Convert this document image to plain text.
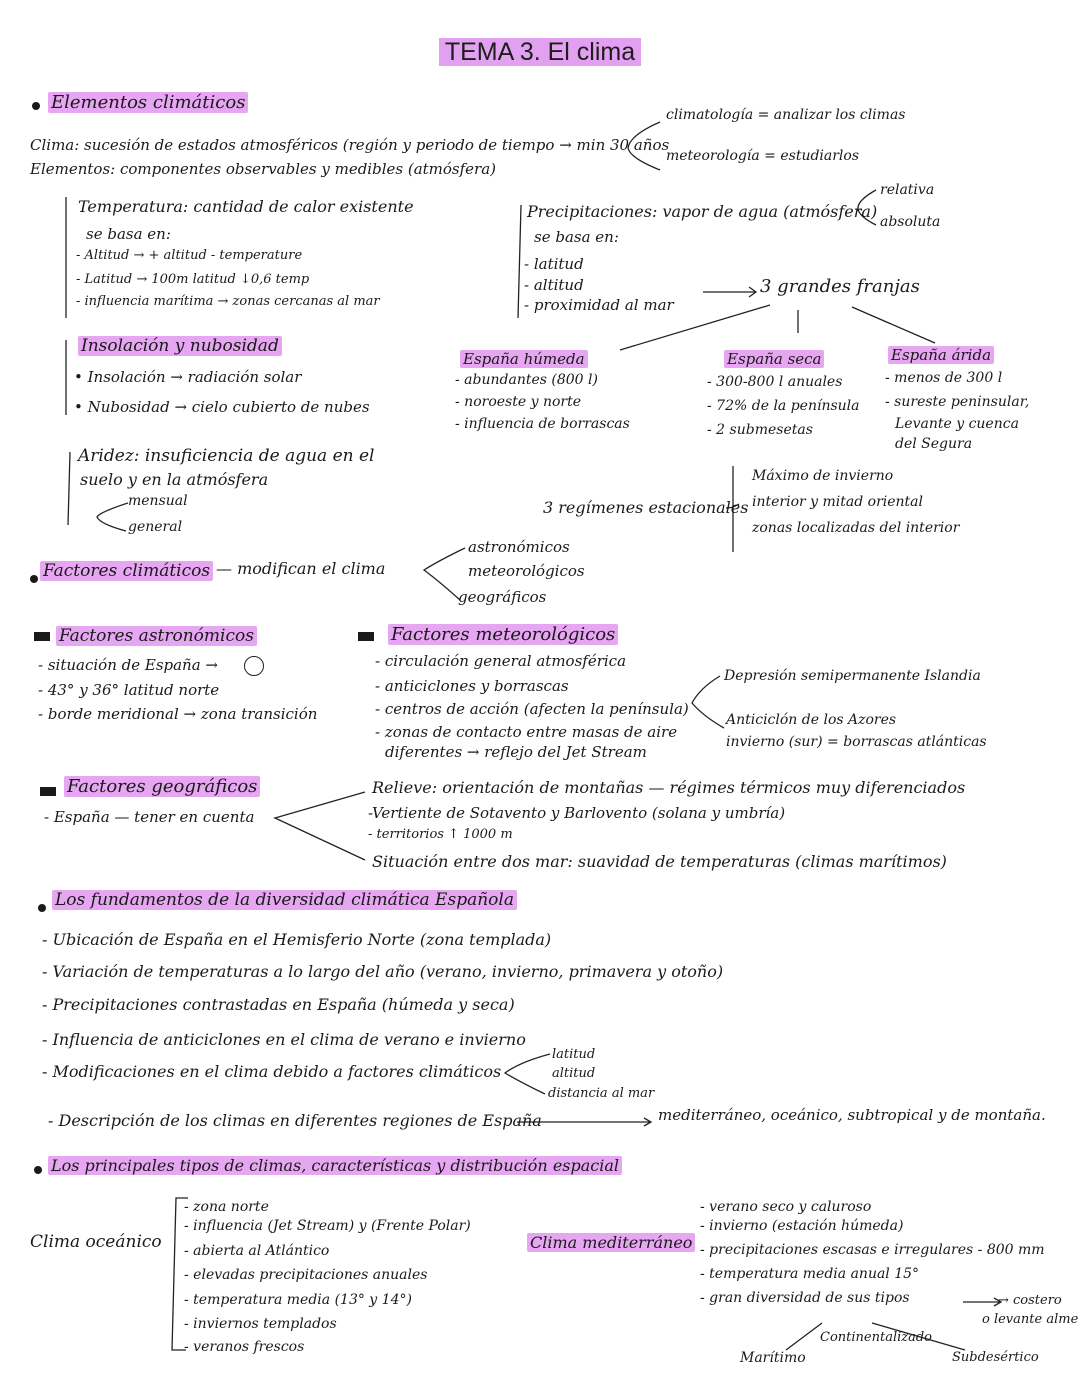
TEMA 3. El clima
Elementos climáticos
Clima: sucesión de estados atmosféricos (región y periodo de tiempo → min 30 años
Elementos: componentes observables y medibles (atmósfera)
climatología = analizar los climas
meteorología = estudiarlos
Temperatura: cantidad de calor existente
se basa en:
- Altitud → + altitud - temperature
- Latitud → 100m latitud ↓0,6 temp
- influencia marítima → zonas cercanas al mar
Precipitaciones: vapor de agua (atmósfera)
relativa
absoluta
se basa en:
- latitud
- altitud
- proximidad al mar
3 grandes franjas
España húmeda
- abundantes (800 l)
- noroeste y norte
- influencia de borrascas
España seca
- 300-800 l anuales
- 72% de la península
- 2 submesetas
España árida
- menos de 300 l
- sureste peninsular,
Levante y cuenca
del Segura
Insolación y nubosidad
• Insolación → radiación solar
• Nubosidad → cielo cubierto de nubes
Aridez: insuficiencia de agua en el
suelo y en la atmósfera
mensual
general
3 regímenes estacionales
Máximo de invierno
interior y mitad oriental
zonas localizadas del interior
Factores climáticos — modifican el clima
astronómicos
meteorológicos
geográficos
Factores astronómicos
- situación de España →
- 43° y 36° latitud norte
- borde meridional → zona transición
Factores meteorológicos
- circulación general atmosférica
- anticiclones y borrascas
- centros de acción (afecten la península)
- zonas de contacto entre masas de aire
diferentes → reflejo del Jet Stream
Depresión semipermanente Islandia
Anticiclón de los Azores
invierno (sur) = borrascas atlánticas
Factores geográficos
- España — tener en cuenta
Relieve: orientación de montañas — régimes térmicos muy diferenciados
-Vertiente de Sotavento y Barlovento (solana y umbría)
- territorios ↑ 1000 m
Situación entre dos mar: suavidad de temperaturas (climas marítimos)
Los fundamentos de la diversidad climática Española
- Ubicación de España en el Hemisferio Norte (zona templada)
- Variación de temperaturas a lo largo del año (verano, invierno, primavera y otoño)
- Precipitaciones contrastadas en España (húmeda y seca)
- Influencia de anticiclones en el clima de verano e invierno
- Modificaciones en el clima debido a factores climáticos
latitud
altitud
distancia al mar
- Descripción de los climas en diferentes regiones de España	mediterráneo, oceánico, subtropical y de montaña.
Los principales tipos de climas, características y distribución espacial
Clima oceánico
- zona norte
- influencia (Jet Stream) y (Frente Polar)
- abierta al Atlántico
- elevadas precipitaciones anuales
- temperatura media (13° y 14°)
- inviernos templados
- veranos frescos
Clima mediterráneo
- verano seco y caluroso
- invierno (estación húmeda)
- precipitaciones escasas e irregulares - 800 mm
- temperatura media anual 15°
- gran diversidad de sus tipos	→ costero
o levante alme
Marítimo
Continentalizado
Subdesértico
